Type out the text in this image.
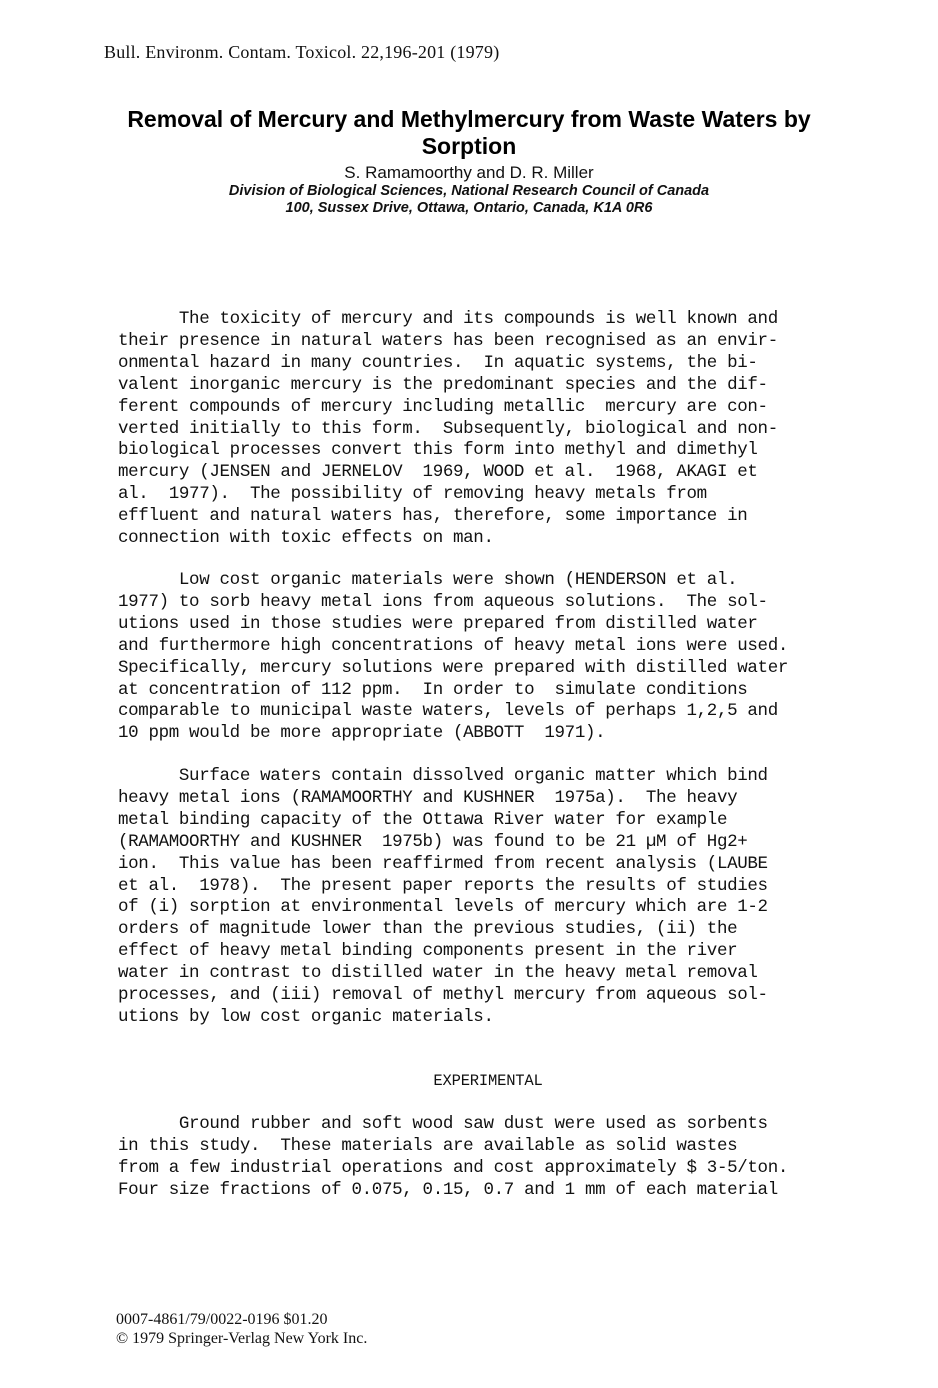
Bull. Environm. Contam. Toxicol. 22,196-201 (1979)
Removal of Mercury and Methylmercury from Waste Waters by Sorption
S. Ramamoorthy and D. R. Miller
Division of Biological Sciences, National Research Council of Canada
100, Sussex Drive, Ottawa, Ontario, Canada, K1A 0R6

The toxicity of mercury and its compounds is well known and
their presence in natural waters has been recognised as an envir-
onmental hazard in many countries.  In aquatic systems, the bi-
valent inorganic mercury is the predominant species and the dif-
ferent compounds of mercury including metallic  mercury are con-
verted initially to this form.  Subsequently, biological and non-
biological processes convert this form into methyl and dimethyl
mercury (JENSEN and JERNELOV  1969, WOOD et al.  1968, AKAGI et
al.  1977).  The possibility of removing heavy metals from
effluent and natural waters has, therefore, some importance in
connection with toxic effects on man.

Low cost organic materials were shown (HENDERSON et al.
1977) to sorb heavy metal ions from aqueous solutions.  The sol-
utions used in those studies were prepared from distilled water
and furthermore high concentrations of heavy metal ions were used.
Specifically, mercury solutions were prepared with distilled water
at concentration of 112 ppm.  In order to  simulate conditions
comparable to municipal waste waters, levels of perhaps 1,2,5 and
10 ppm would be more appropriate (ABBOTT  1971).

Surface waters contain dissolved organic matter which bind
heavy metal ions (RAMAMOORTHY and KUSHNER  1975a).  The heavy
metal binding capacity of the Ottawa River water for example
(RAMAMOORTHY and KUSHNER  1975b) was found to be 21 µM of Hg2+
ion.  This value has been reaffirmed from recent analysis (LAUBE
et al.  1978).  The present paper reports the results of studies
of (i) sorption at environmental levels of mercury which are 1-2
orders of magnitude lower than the previous studies, (ii) the
effect of heavy metal binding components present in the river
water in contrast to distilled water in the heavy metal removal
processes, and (iii) removal of methyl mercury from aqueous sol-
utions by low cost organic materials.

EXPERIMENTAL

Ground rubber and soft wood saw dust were used as sorbents
in this study.  These materials are available as solid wastes
from a few industrial operations and cost approximately $ 3-5/ton.
Four size fractions of 0.075, 0.15, 0.7 and 1 mm of each material

0007-4861/79/0022-0196 $01.20
© 1979 Springer-Verlag New York Inc.
